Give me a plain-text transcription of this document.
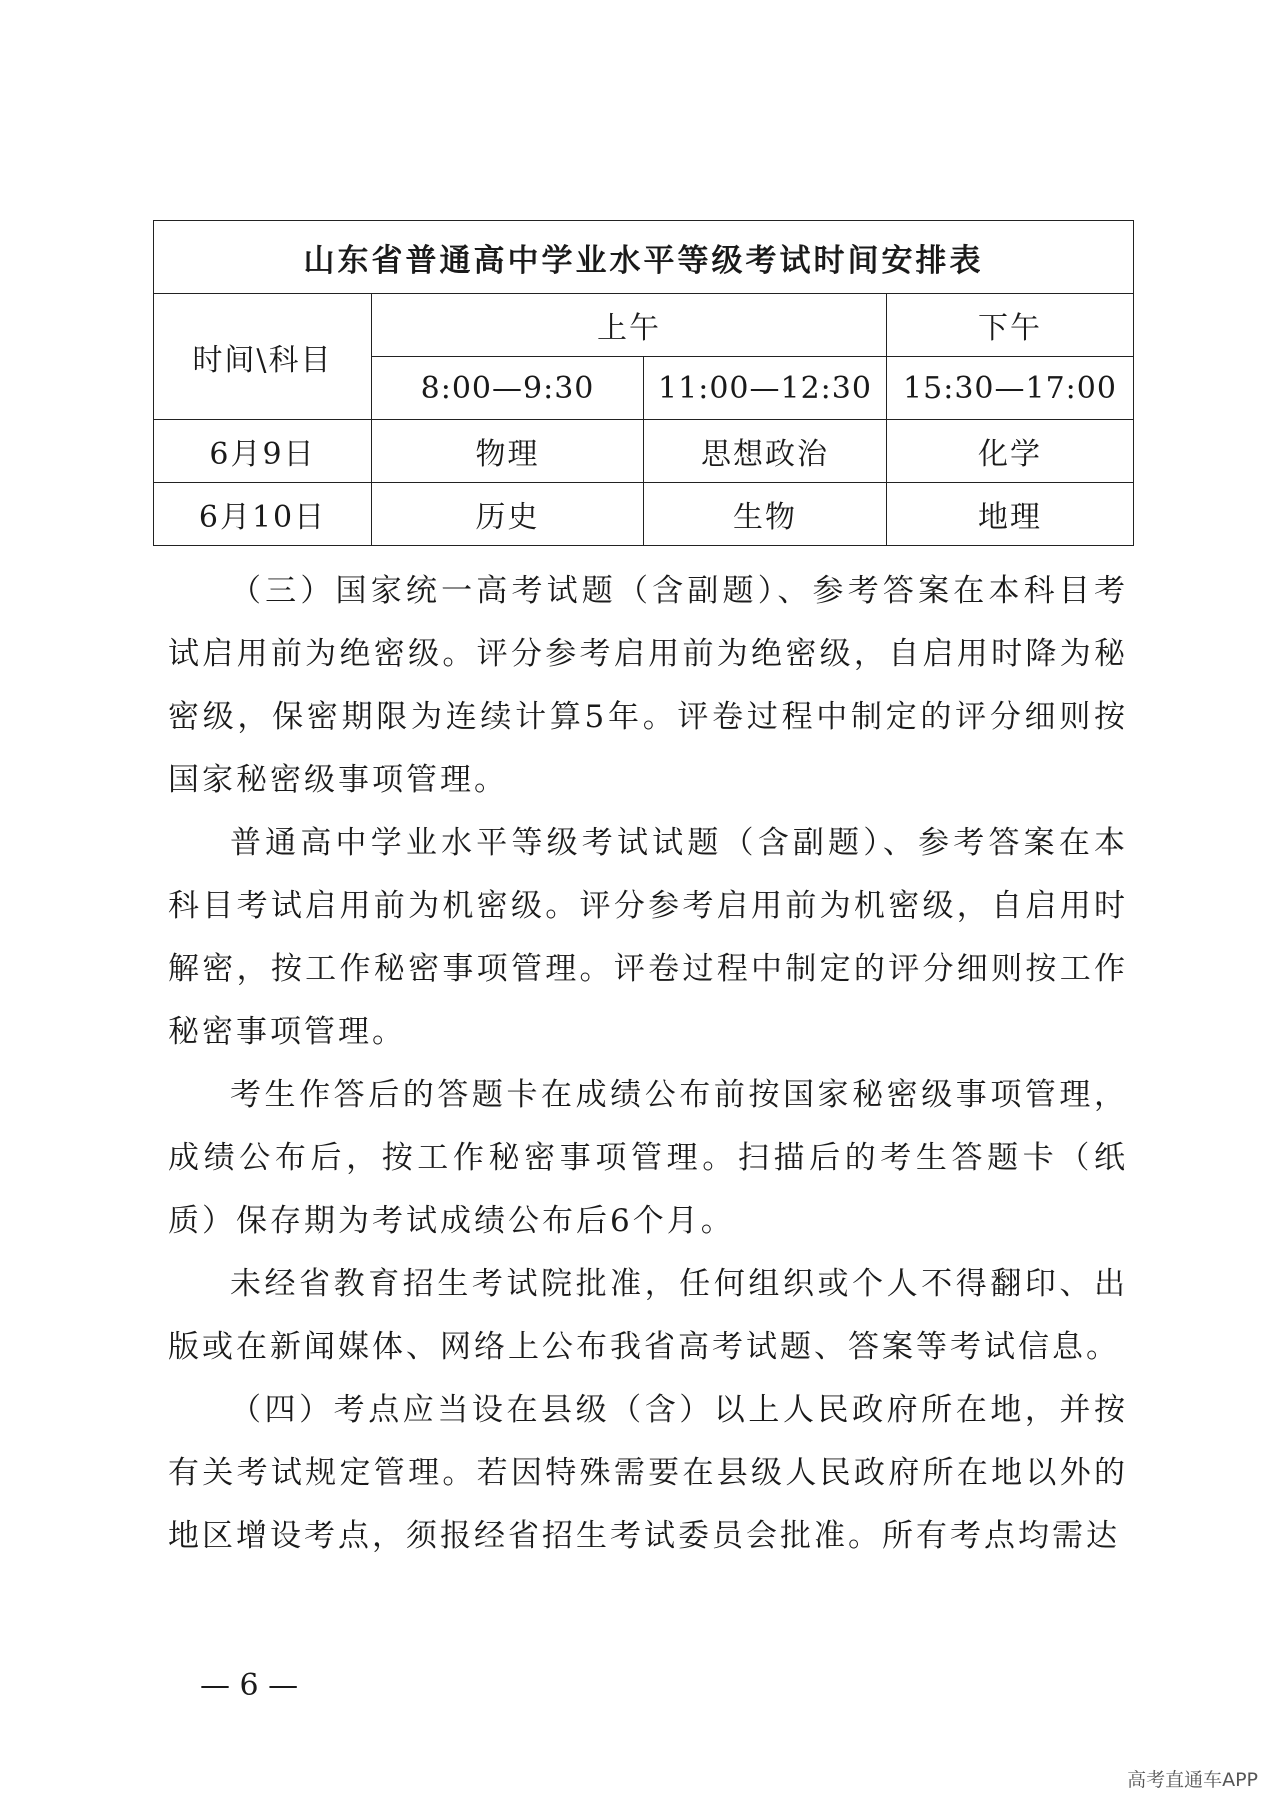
山东省普通高中学业水平等级考试时间安排表			
时间\科目	上午		下午
	8:00—9:30	11:00—12:30	15:30—17:00
6月9日	物理	思想政治	化学
6月10日	历史	生物	地理

（三）国家统一高考试题（含副题）、参考答案在本科目考试启用前为绝密级。评分参考启用前为绝密级，自启用时降为秘密级，保密期限为连续计算5年。评卷过程中制定的评分细则按国家秘密级事项管理。

普通高中学业水平等级考试试题（含副题）、参考答案在本科目考试启用前为机密级。评分参考启用前为机密级，自启用时解密，按工作秘密事项管理。评卷过程中制定的评分细则按工作秘密事项管理。

考生作答后的答题卡在成绩公布前按国家秘密级事项管理，成绩公布后，按工作秘密事项管理。扫描后的考生答题卡（纸质）保存期为考试成绩公布后6个月。

未经省教育招生考试院批准，任何组织或个人不得翻印、出版或在新闻媒体、网络上公布我省高考试题、答案等考试信息。

（四）考点应当设在县级（含）以上人民政府所在地，并按有关考试规定管理。若因特殊需要在县级人民政府所在地以外的地区增设考点，须报经省招生考试委员会批准。所有考点均需达

— 6 —
高考直通车APP
